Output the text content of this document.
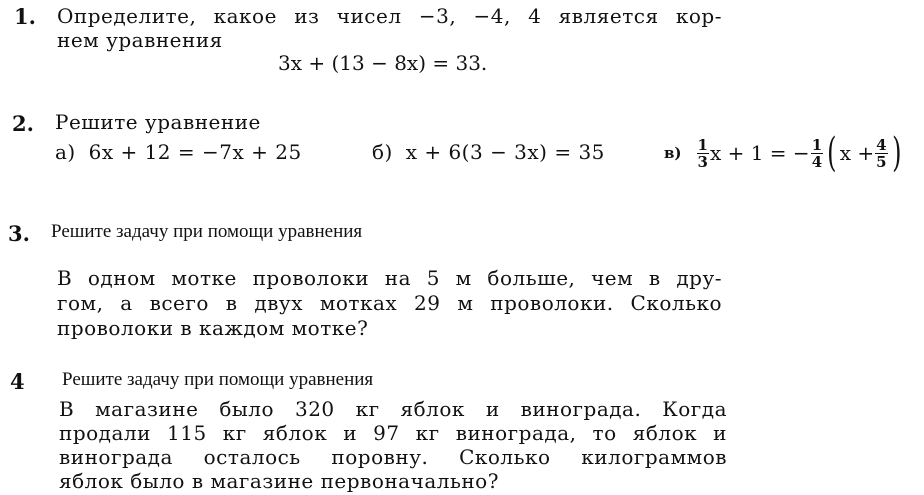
1. Определите, какое из чисел −3, −4, 4 является кор-
нем уравнения
3x + (13 − 8x) = 33.
2. Решите уравнение
а) 6x + 12 = −7x + 25	б) x + 6(3 − 3x) = 35	$в) \frac{1}{3}$ x + 1 = − $\frac{1}{4}$ ( $x + \frac{4}{5}$ )
3. Решите задачу при помощи уравнения
В одном мотке проволоки на 5 м больше, чем в дру-
гом, а всего в двух мотках 29 м проволоки. Сколько
проволоки в каждом мотке?
4 Решите задачу при помощи уравнения
В магазине было 320 кг яблок и винограда. Когда
продали 115 кг яблок и 97 кг винограда, то яблок и
винограда осталось поровну. Сколько килограммов
яблок было в магазине первоначально?
